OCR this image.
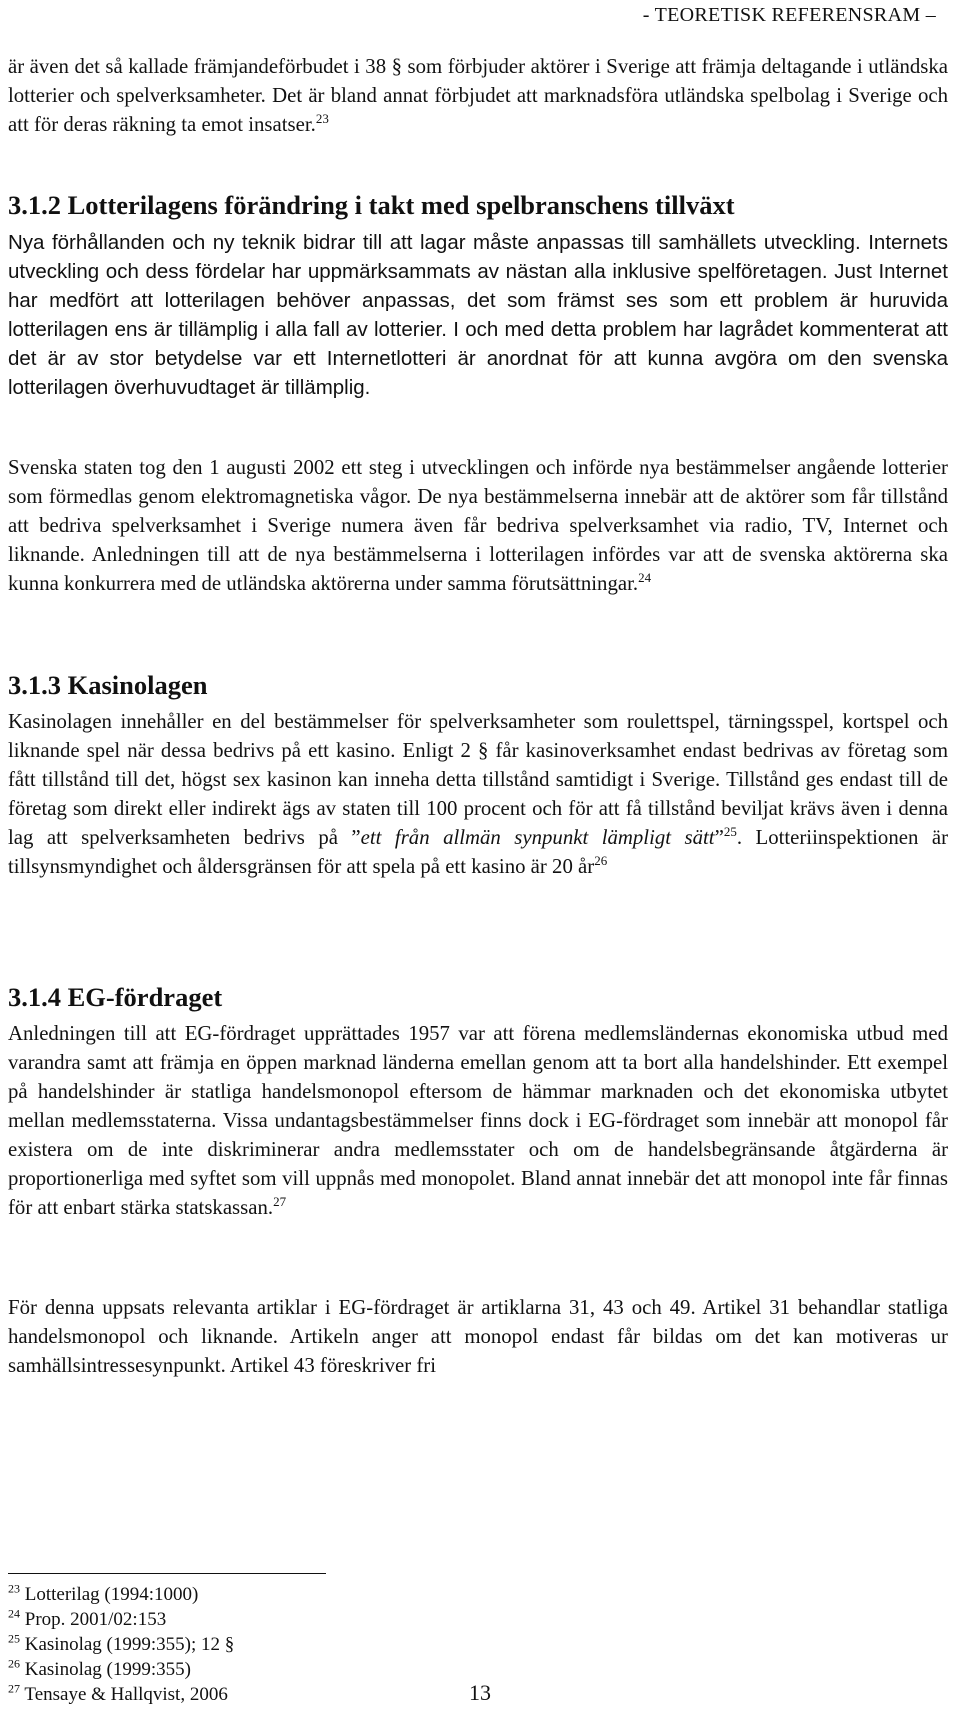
- TEORETISK REFERENSRAM –

är även det så kallade främjandeförbudet i 38 § som förbjuder aktörer i Sverige att främja deltagande i utländska lotterier och spelverksamheter. Det är bland annat förbjudet att marknadsföra utländska spelbolag i Sverige och att för deras räkning ta emot insatser.$^{23}$

3.1.2 Lotterilagens förändring i takt med spelbranschens tillväxt

Nya förhållanden och ny teknik bidrar till att lagar måste anpassas till samhällets utveckling. Internets utveckling och dess fördelar har uppmärksammats av nästan alla inklusive spelföretagen. Just Internet har medfört att lotterilagen behöver anpassas, det som främst ses som ett problem är huruvida lotterilagen ens är tillämplig i alla fall av lotterier. I och med detta problem har lagrådet kommenterat att det är av stor betydelse var ett Internetlotteri är anordnat för att kunna avgöra om den svenska lotterilagen överhuvudtaget är tillämplig.

Svenska staten tog den 1 augusti 2002 ett steg i utvecklingen och införde nya bestämmelser angående lotterier som förmedlas genom elektromagnetiska vågor. De nya bestämmelserna innebär att de aktörer som får tillstånd att bedriva spelverksamhet i Sverige numera även får bedriva spelverksamhet via radio, TV, Internet och liknande. Anledningen till att de nya bestämmelserna i lotterilagen infördes var att de svenska aktörerna ska kunna konkurrera med de utländska aktörerna under samma förutsättningar.$^{24}$

3.1.3 Kasinolagen

Kasinolagen innehåller en del bestämmelser för spelverksamheter som roulettspel, tärningsspel, kortspel och liknande spel när dessa bedrivs på ett kasino. Enligt 2 § får kasinoverksamhet endast bedrivas av företag som fått tillstånd till det, högst sex kasinon kan inneha detta tillstånd samtidigt i Sverige. Tillstånd ges endast till de företag som direkt eller indirekt ägs av staten till 100 procent och för att få tillstånd beviljat krävs även i denna lag att spelverksamheten bedrivs på ”ett från allmän synpunkt lämpligt sätt”$^{25}$. Lotteriinspektionen är tillsynsmyndighet och åldersgränsen för att spela på ett kasino är 20 $år^{26}$

3.1.4 EG-fördraget

Anledningen till att EG-fördraget upprättades 1957 var att förena medlemsländernas ekonomiska utbud med varandra samt att främja en öppen marknad länderna emellan genom att ta bort alla handelshinder. Ett exempel på handelshinder är statliga handelsmonopol eftersom de hämmar marknaden och det ekonomiska utbytet mellan medlemsstaterna. Vissa undantagsbestämmelser finns dock i EG-fördraget som innebär att monopol får existera om de inte diskriminerar andra medlemsstater och om de handelsbegränsande åtgärderna är proportionerliga med syftet som vill uppnås med monopolet. Bland annat innebär det att monopol inte får finnas för att enbart stärka statskassan.$^{27}$

För denna uppsats relevanta artiklar i EG-fördraget är artiklarna 31, 43 och 49. Artikel 31 behandlar statliga handelsmonopol och liknande. Artikeln anger att monopol endast får bildas om det kan motiveras ur samhällsintressesynpunkt. Artikel 43 föreskriver fri

$^{23}$ Lotterilag (1994:1000)

$^{24}$ Prop. 2001/02:153

$^{25}$ Kasinolag (1999:355); 12 §

$^{26}$ Kasinolag (1999:355)

$^{27}$ Tensaye & Hallqvist, 2006	13
